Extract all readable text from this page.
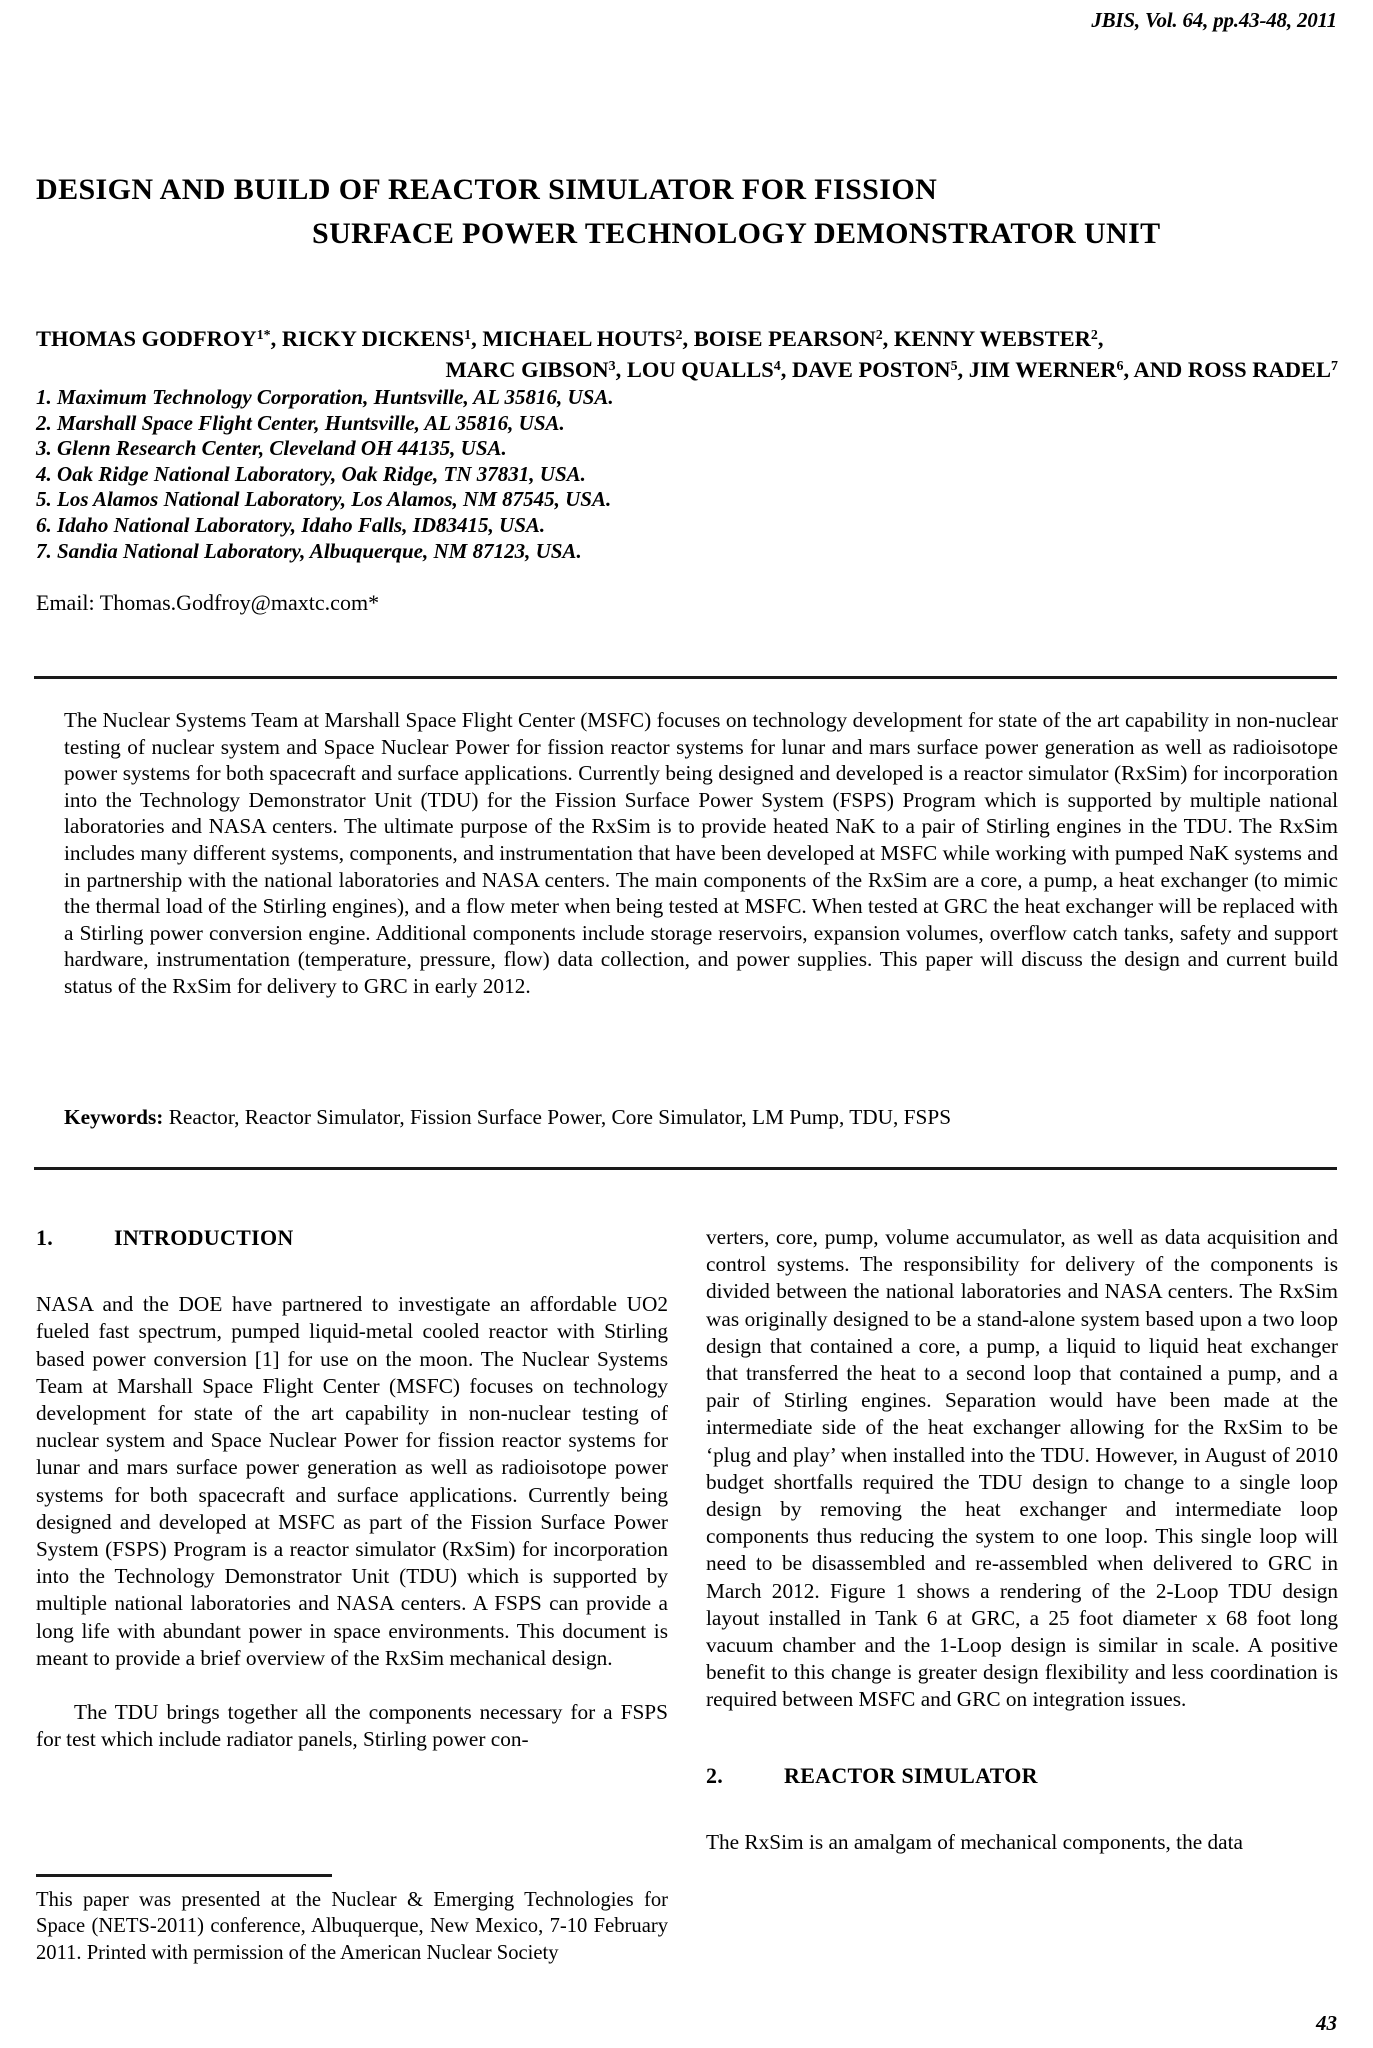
JBIS, Vol. 64, pp.43-48, 2011
DESIGN AND BUILD OF REACTOR SIMULATOR FOR FISSION
SURFACE POWER TECHNOLOGY DEMONSTRATOR UNIT
THOMAS $GODFROY^{1*}$, RICKY DICKENS$^1$, MICHAEL HOUTS$^2$, BOISE PEARSON$^2$, KENNY WEBSTER$^2$,
MARC GIBSON$^3$, LOU QUALLS$^4$, DAVE POSTON$^5$, JIM WERNER$^6$, AND ROSS RADEL$^7$
1. Maximum Technology Corporation, Huntsville, AL 35816, USA.
2. Marshall Space Flight Center, Huntsville, AL 35816, USA.
3. Glenn Research Center, Cleveland OH 44135, USA.
4. Oak Ridge National Laboratory, Oak Ridge, TN 37831, USA.
5. Los Alamos National Laboratory, Los Alamos, NM 87545, USA.
6. Idaho National Laboratory, Idaho Falls, ID83415, USA.
7. Sandia National Laboratory, Albuquerque, NM 87123, USA.
Email: Thomas.Godfroy@maxtc.com*
The Nuclear Systems Team at Marshall Space Flight Center (MSFC) focuses on technology development for state of the art capability in non-nuclear testing of nuclear system and Space Nuclear Power for fission reactor systems for lunar and mars surface power generation as well as radioisotope power systems for both spacecraft and surface applications. Currently being designed and developed is a reactor simulator (RxSim) for incorporation into the Technology Demonstrator Unit (TDU) for the Fission Surface Power System (FSPS) Program which is supported by multiple national laboratories and NASA centers. The ultimate purpose of the RxSim is to provide heated NaK to a pair of Stirling engines in the TDU. The RxSim includes many different systems, components, and instrumentation that have been developed at MSFC while working with pumped NaK systems and in partnership with the national laboratories and NASA centers. The main components of the RxSim are a core, a pump, a heat exchanger (to mimic the thermal load of the Stirling engines), and a flow meter when being tested at MSFC. When tested at GRC the heat exchanger will be replaced with a Stirling power conversion engine. Additional components include storage reservoirs, expansion volumes, overflow catch tanks, safety and support hardware, instrumentation (temperature, pressure, flow) data collection, and power supplies. This paper will discuss the design and current build status of the RxSim for delivery to GRC in early 2012.
Keywords: Reactor, Reactor Simulator, Fission Surface Power, Core Simulator, LM Pump, TDU, FSPS
1.	INTRODUCTION

NASA and the DOE have partnered to investigate an affordable UO2 fueled fast spectrum, pumped liquid-metal cooled reactor with Stirling based power conversion [1] for use on the moon. The Nuclear Systems Team at Marshall Space Flight Center (MSFC) focuses on technology development for state of the art capability in non-nuclear testing of nuclear system and Space Nuclear Power for fission reactor systems for lunar and mars surface power generation as well as radioisotope power systems for both spacecraft and surface applications. Currently being designed and developed at MSFC as part of the Fission Surface Power System (FSPS) Program is a reactor simulator (RxSim) for incorporation into the Technology Demonstrator Unit (TDU) which is supported by multiple national laboratories and NASA centers. A FSPS can provide a long life with abundant power in space environments. This document is meant to provide a brief overview of the RxSim mechanical design.

The TDU brings together all the components necessary for a FSPS for test which include radiator panels, Stirling power con-

verters, core, pump, volume accumulator, as well as data acquisition and control systems. The responsibility for delivery of the components is divided between the national laboratories and NASA centers. The RxSim was originally designed to be a stand-alone system based upon a two loop design that contained a core, a pump, a liquid to liquid heat exchanger that transferred the heat to a second loop that contained a pump, and a pair of Stirling engines. Separation would have been made at the intermediate side of the heat exchanger allowing for the RxSim to be ‘plug and play’ when installed into the TDU. However, in August of 2010 budget shortfalls required the TDU design to change to a single loop design by removing the heat exchanger and intermediate loop components thus reducing the system to one loop. This single loop will need to be disassembled and re-assembled when delivered to GRC in March 2012. Figure 1 shows a rendering of the 2-Loop TDU design layout installed in Tank 6 at GRC, a 25 foot diameter x 68 foot long vacuum chamber and the 1-Loop design is similar in scale. A positive benefit to this change is greater design flexibility and less coordination is required between MSFC and GRC on integration issues.

2.	REACTOR SIMULATOR

The RxSim is an amalgam of mechanical components, the data

This paper was presented at the Nuclear & Emerging Technologies for Space (NETS-2011) conference, Albuquerque, New Mexico, 7-10 February 2011. Printed with permission of the American Nuclear Society
43
